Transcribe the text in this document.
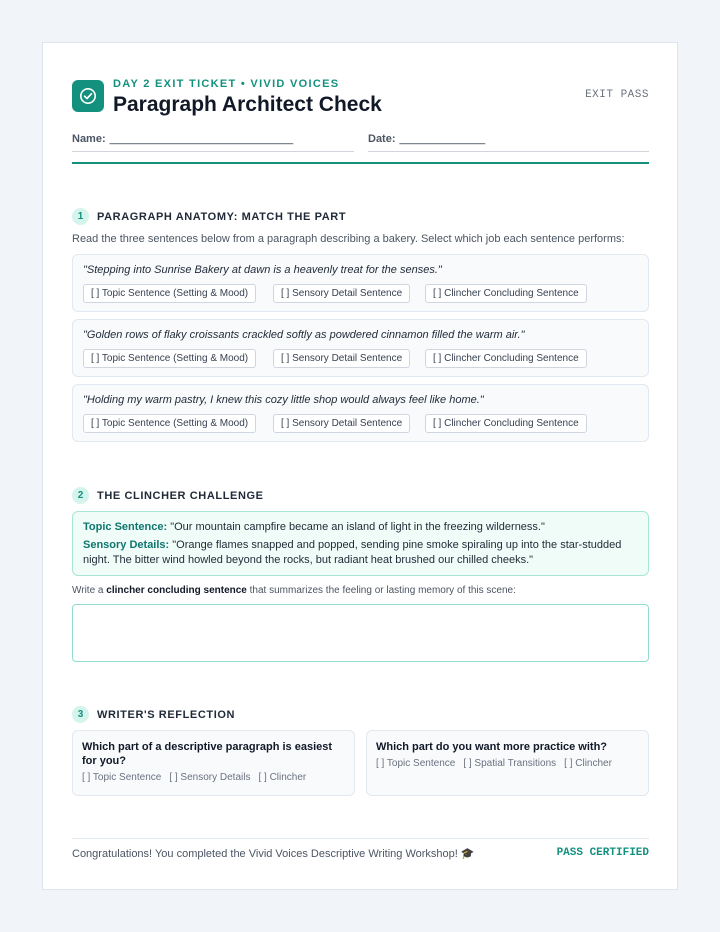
DAY 2 EXIT TICKET • VIVID VOICES
Paragraph Architect Check	EXIT PASS
Name: ______________________________	Date: ______________
1	PARAGRAPH ANATOMY: MATCH THE PART
Read the three sentences below from a paragraph describing a bakery. Select which job each sentence performs:
"Stepping into Sunrise Bakery at dawn is a heavenly treat for the senses."
[ ] Topic Sentence (Setting & Mood)	[ ] Sensory Detail Sentence	[ ] Clincher Concluding Sentence
"Golden rows of flaky croissants crackled softly as powdered cinnamon filled the warm air."
[ ] Topic Sentence (Setting & Mood)	[ ] Sensory Detail Sentence	[ ] Clincher Concluding Sentence
"Holding my warm pastry, I knew this cozy little shop would always feel like home."
[ ] Topic Sentence (Setting & Mood)	[ ] Sensory Detail Sentence	[ ] Clincher Concluding Sentence
2	THE CLINCHER CHALLENGE
Topic Sentence: "Our mountain campfire became an island of light in the freezing wilderness."
Sensory Details: "Orange flames snapped and popped, sending pine smoke spiraling up into the star-studded night. The bitter wind howled beyond the rocks, but radiant heat brushed our chilled cheeks."
Write a clincher concluding sentence that summarizes the feeling or lasting memory of this scene:
3	WRITER'S REFLECTION
Which part of a descriptive paragraph is easiest for you?
[ ] Topic Sentence [ ] Sensory Details [ ] Clincher
Which part do you want more practice with?
[ ] Topic Sentence [ ] Spatial Transitions [ ] Clincher
Congratulations! You completed the Vivid Voices Descriptive Writing Workshop! 🎓	PASS CERTIFIED
